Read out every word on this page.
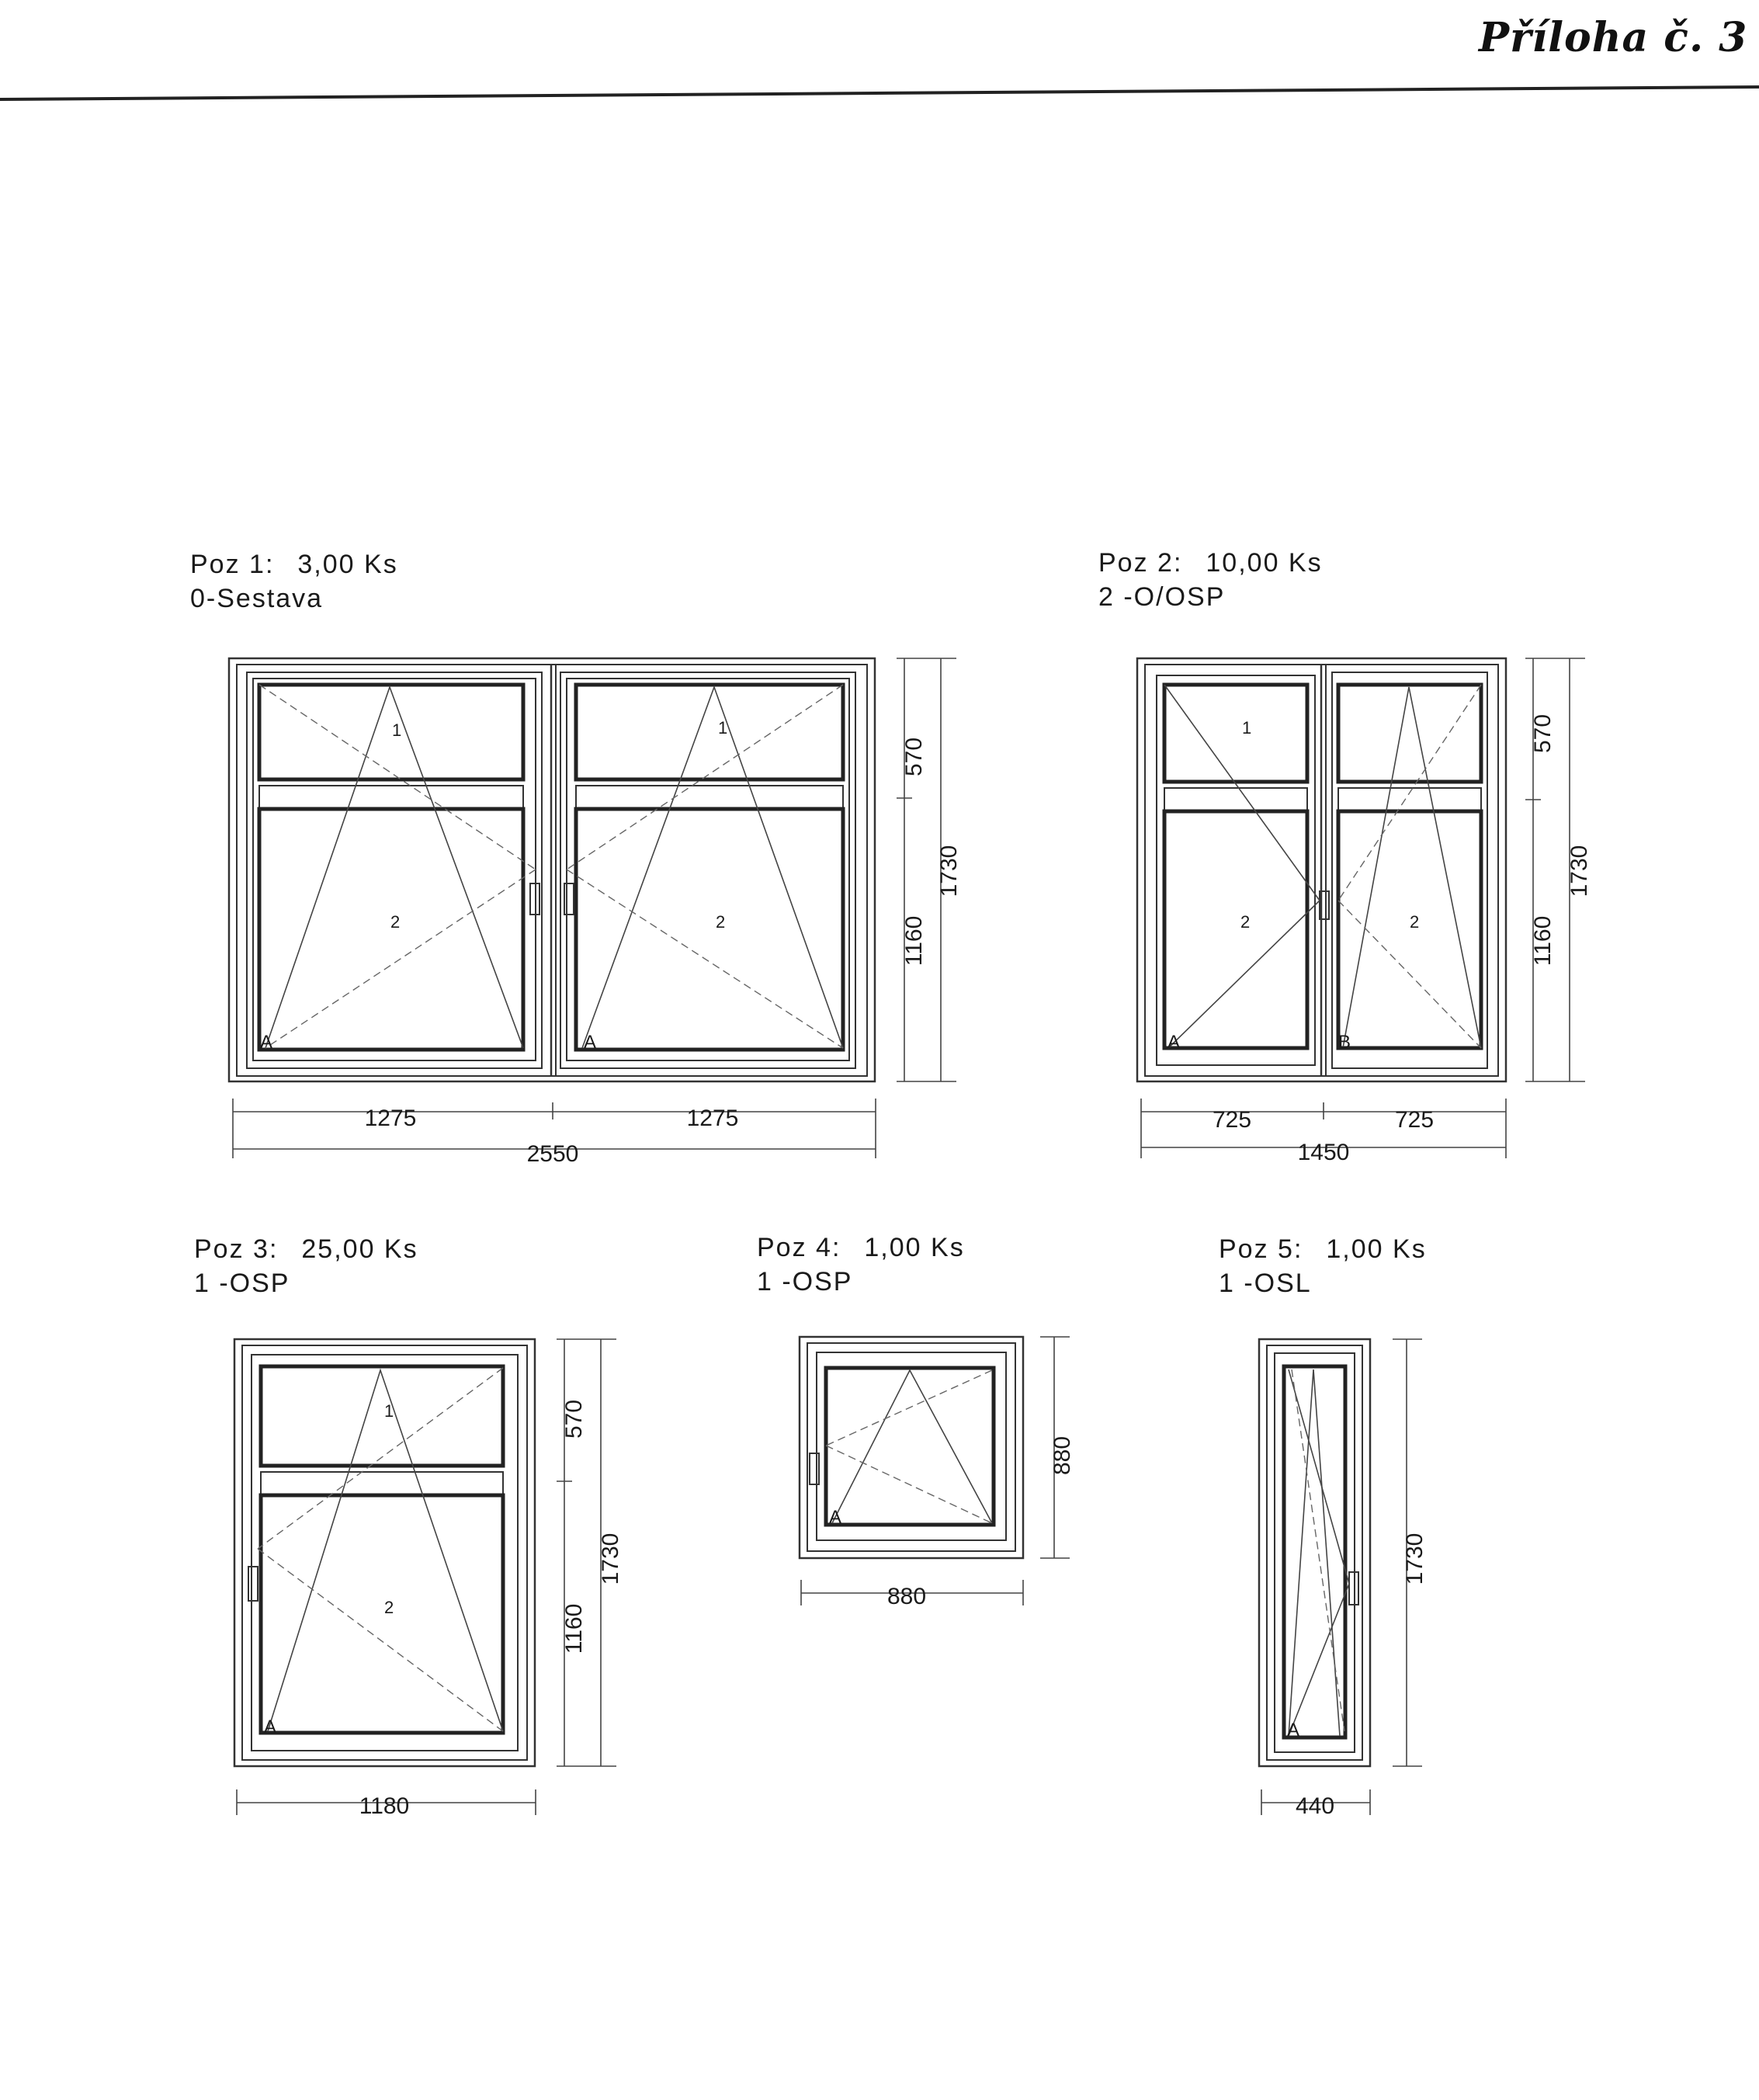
Příloha č. 3
Poz 1: 3,00 Ks
0-Sestava
Poz 2: 10,00 Ks
2 -O/OSP
Poz 3: 25,00 Ks
1 -OSP
Poz 4: 1,00 Ks
1 -OSP
Poz 5: 1,00 Ks
1 -OSL
1
2
1
2
A	A
570
1160
1730
1275	1275
2550
1
2	2
A	B
570
1160
1730
725	725
1450
1
2
A
570
1160
1730
1180
A
880
880
A
1730
440
